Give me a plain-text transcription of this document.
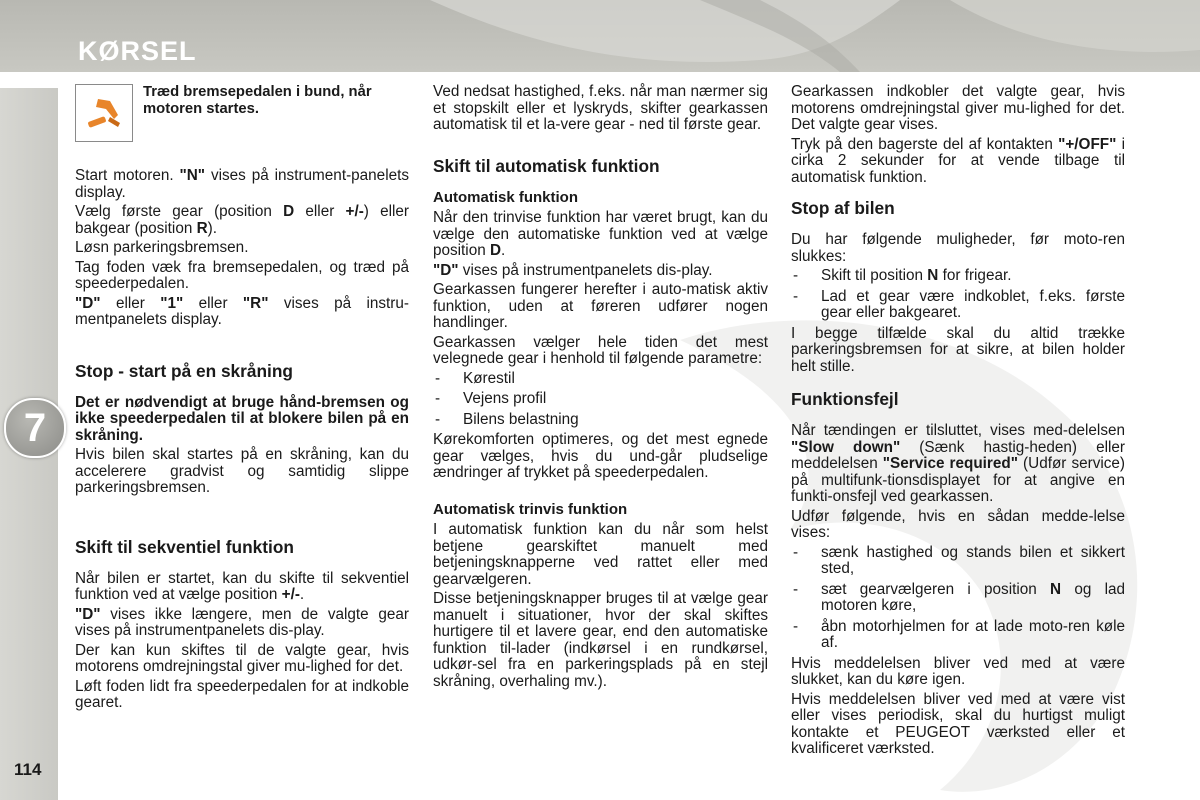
KØRSEL
7
114
Træd bremsepedalen i bund, når motoren startes.

Start motoren. "N" vises på instrument-panelets display.

Vælg første gear (position D eller +/-) eller bakgear (position R).

Løsn parkeringsbremsen.

Tag foden væk fra bremsepedalen, og træd på speederpedalen.

"D" eller "1" eller "R" vises på instru-mentpanelets display.

Stop - start på en skråning

Det er nødvendigt at bruge hånd-bremsen og ikke speederpedalen til at blokere bilen på en skråning.

Hvis bilen skal startes på en skråning, kan du accelerere gradvist og samtidig slippe parkeringsbremsen.

Skift til sekventiel funktion

Når bilen er startet, kan du skifte til sekventiel funktion ved at vælge position +/-.

"D" vises ikke længere, men de valgte gear vises på instrumentpanelets dis-play.

Der kan kun skiftes til de valgte gear, hvis motorens omdrejningstal giver mu-lighed for det.

Løft foden lidt fra speederpedalen for at indkoble gearet.

Ved nedsat hastighed, f.eks. når man nærmer sig et stopskilt eller et lyskryds, skifter gearkassen automatisk til et la-vere gear - ned til første gear.

Skift til automatisk funktion
Automatisk funktion

Når den trinvise funktion har været brugt, kan du vælge den automatiske funktion ved at vælge position D.

"D" vises på instrumentpanelets dis-play.

Gearkassen fungerer herefter i auto-matisk aktiv funktion, uden at føreren udfører nogen handlinger.

Gearkassen vælger hele tiden det mest velegnede gear i henhold til følgende parametre:

- Kørestil
- Vejens profil
- Bilens belastning

Kørekomforten optimeres, og det mest egnede gear vælges, hvis du und-går pludselige ændringer af trykket på speederpedalen.

Automatisk trinvis funktion

I automatisk funktion kan du når som helst betjene gearskiftet manuelt med betjeningsknapperne ved rattet eller med gearvælgeren.

Disse betjeningsknapper bruges til at vælge gear manuelt i situationer, hvor der skal skiftes hurtigere til et lavere gear, end den automatiske funktion til-lader (indkørsel i en rundkørsel, udkør-sel fra en parkeringsplads på en stejl skråning, overhaling mv.).

Gearkassen indkobler det valgte gear, hvis motorens omdrejningstal giver mu-lighed for det. Det valgte gear vises.

Tryk på den bagerste del af kontakten "+/OFF" i cirka 2 sekunder for at vende tilbage til automatisk funktion.

Stop af bilen

Du har følgende muligheder, før moto-ren slukkes:

- Skift til position N for frigear.
- Lad et gear være indkoblet, f.eks. første gear eller bakgearet.

I begge tilfælde skal du altid trække parkeringsbremsen for at sikre, at bilen holder helt stille.

Funktionsfejl

Når tændingen er tilsluttet, vises med-delelsen "Slow down" (Sænk hastig-heden) eller meddelelsen "Service required" (Udfør service) på multifunk-tionsdisplayet for at angive en funkti-onsfejl ved gearkassen.

Udfør følgende, hvis en sådan medde-lelse vises:

- sænk hastighed og stands bilen et sikkert sted,
- sæt gearvælgeren i position N og lad motoren køre,
- åbn motorhjelmen for at lade moto-ren køle af.

Hvis meddelelsen bliver ved med at være slukket, kan du køre igen.

Hvis meddelelsen bliver ved med at være vist eller vises periodisk, skal du hurtigst muligt kontakte et PEUGEOT værksted eller et kvalificeret værksted.
